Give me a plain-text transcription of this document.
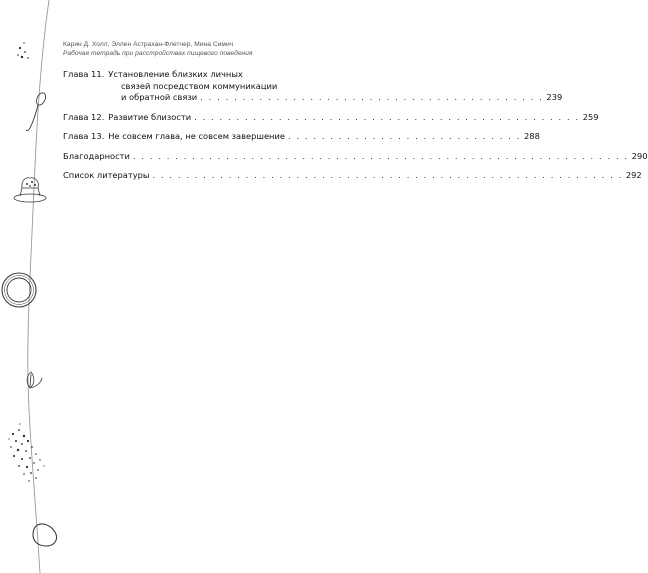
Карин Д. Холл, Эллен Астрахан-Флетчер, Мина Симич
Рабочая тетрадь при расстройствах пищевого поведения
Глава 11. Установление близких личных
связей посредством коммуникации
и обратной связи . . . . . . . . . . . . . . . . . . . . . . . . . . . . . . . . . . . . . . . . . 239
Глава 12. Развитие близости . . . . . . . . . . . . . . . . . . . . . . . . . . . . . . . . . . . . . . . . . . . . . . 259
Глава 13. Не совсем глава, не совсем завершение . . . . . . . . . . . . . . . . . . . . . . . . . . . . 288
Благодарности . . . . . . . . . . . . . . . . . . . . . . . . . . . . . . . . . . . . . . . . . . . . . . . . . . . . . . . . . . . 290
Список литературы . . . . . . . . . . . . . . . . . . . . . . . . . . . . . . . . . . . . . . . . . . . . . . . . . . . . . . . . 292
